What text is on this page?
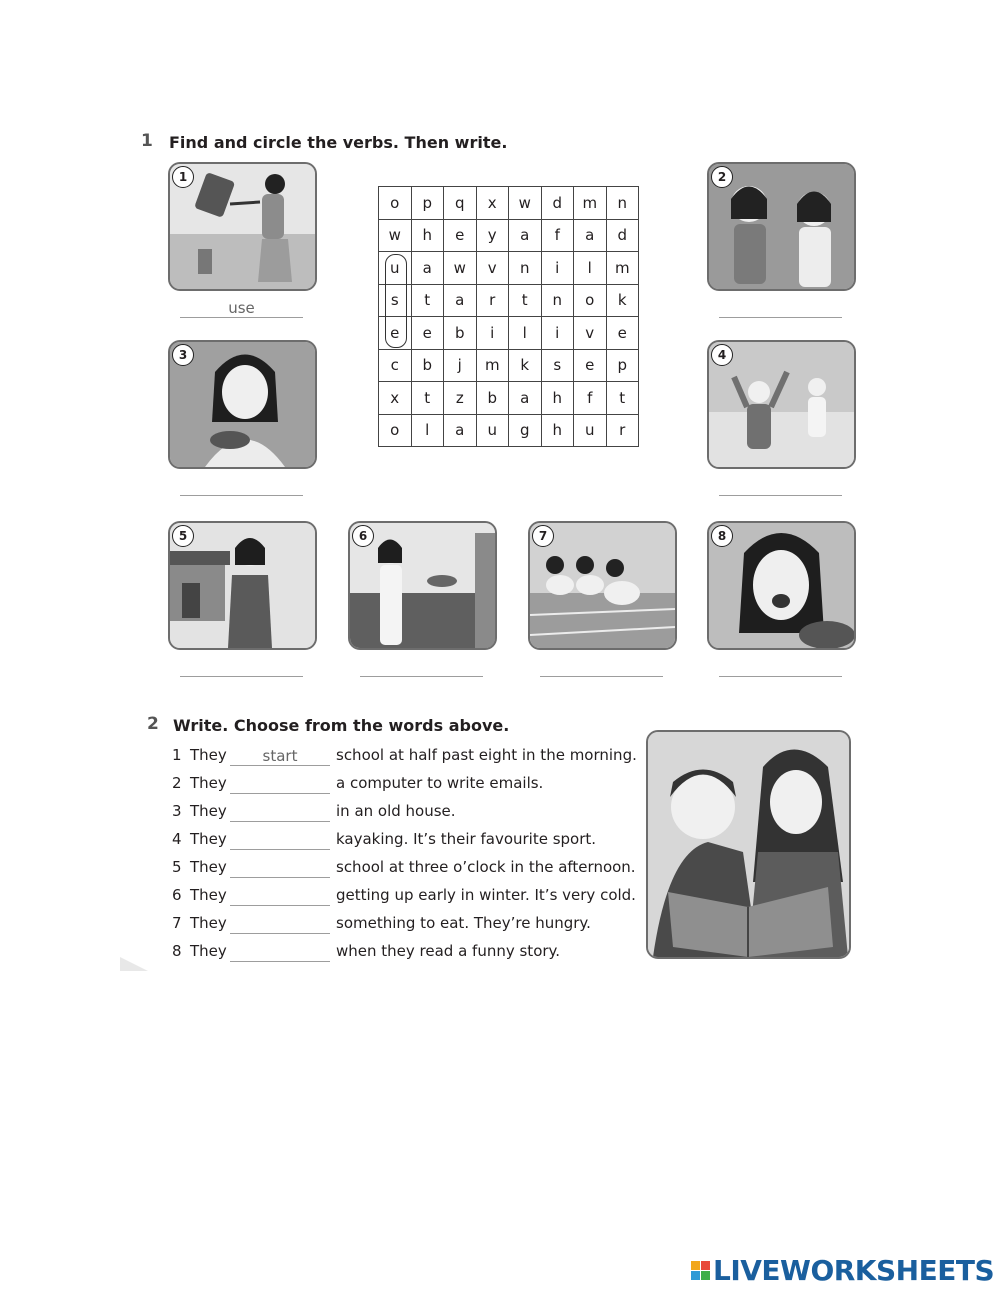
1 Find and circle the verbs. Then write.
1
use
o	p	q	x	w	d	m	n
w	h	e	y	a	f	a	d
u	a	w	v	n	i	l	m
s	t	a	r	t	n	o	k
e	e	b	i	l	i	v	e
c	b	j	m	k	s	e	p
x	t	z	b	a	h	f	t
o	l	a	u	g	h	u	r
2
3	4
5	6	7	8
2 Write. Choose from the words above.
1 They start	school at half past eight in the morning.
2 They	a computer to write emails.
3 They	in an old house.
4 They	kayaking. It’s their favourite sport.
5 They	school at three o’clock in the afternoon.
6 They	getting up early in winter. It’s very cold.
7 They	something to eat. They’re hungry.
8 They	when they read a funny story.
LIVEWORKSHEETS
